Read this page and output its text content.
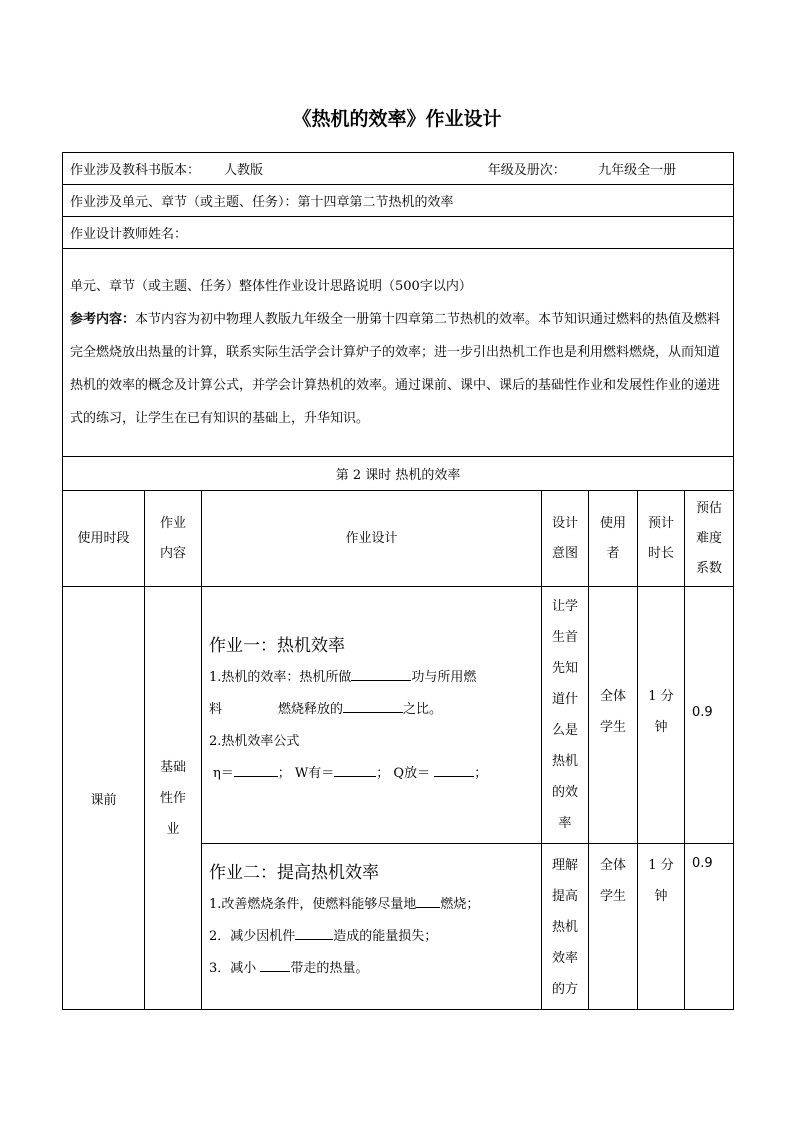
《热机的效率》作业设计
作业涉及教科书版本： 人教版 年级及册次： 九年级全一册						

作业涉及单元、章节（或主题、任务）：第十四章第二节热机的效率						
作业设计教师姓名：						

单元、章节（或主题、任务）整体性作业设计思路说明（500字以内）
参考内容：本节内容为初中物理人教版九年级全一册第十四章第二节热机的效率。本节知识通过燃料的热值及燃料完全燃烧放出热量的计算，联系实际生活学会计算炉子的效率；进一步引出热机工作也是利用燃料燃烧，从而知道热机的效率的概念及计算公式，并学会计算热机的效率。通过课前、课中、课后的基础性作业和发展性作业的递进式的练习，让学生在已有知识的基础上，升华知识。						

第 2 课时 热机的效率						
使用时段	作业内容	作业设计	设计意图	使用者	预计时长	预估难度系数

课前	基础性作业	作业一：热机效率
1.热机的效率：热机所做 功与所用燃
料 燃烧释放的 之比。
2.热机效率公式
η＝ ； W有＝ ； Q放＝ ；	让学生首先知道什么是热机的效率	全体学生	1 分钟	0.9

		作业二：提高热机效率
1.改善燃烧条件，使燃料能够尽量地 燃烧；
2．减少因机件 造成的能量损失；
3．减小 带走的热量。	理解提高热机效率的方	全体学生	1 分钟	0.9
